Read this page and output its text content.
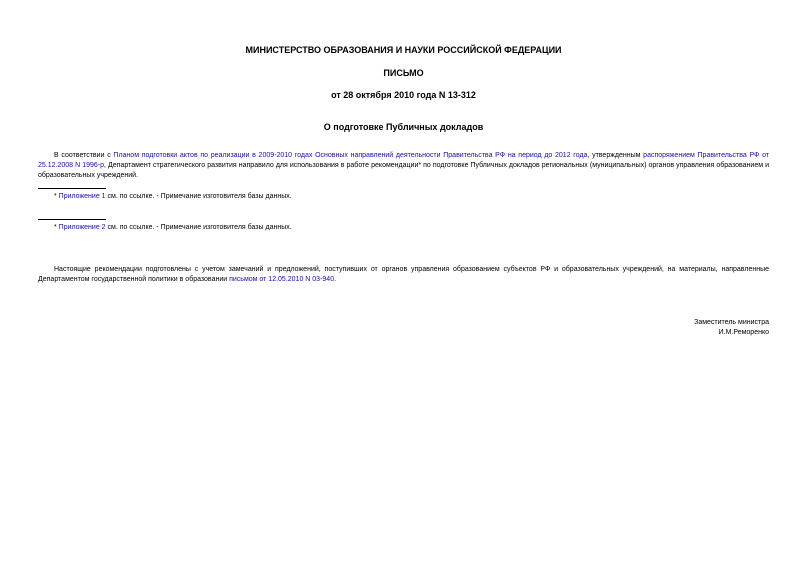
МИНИСТЕРСТВО ОБРАЗОВАНИЯ И НАУКИ РОССИЙСКОЙ ФЕДЕРАЦИИ
ПИСЬМО
от 28 октября 2010 года N 13-312
О подготовке Публичных докладов
В соответствии с Планом подготовки актов по реализации в 2009-2010 годах Основных направлений деятельности Правительства РФ на период до 2012 года, утвержденным распоряжением Правительства РФ от 25.12.2008 N 1996-р, Департамент стратегического развития направило для использования в работе рекомендации* по подготовке Публичных докладов региональных (муниципальных) органов управления образованием и образовательных учреждений.
* Приложение 1 см. по ссылке. - Примечание изготовителя базы данных.
* Приложение 2 см. по ссылке. - Примечание изготовителя базы данных.
Настоящие рекомендации подготовлены с учетом замечаний и предложений, поступивших от органов управления образованием субъектов РФ и образовательных учреждений, на материалы, направленные Департаментом государственной политики в образовании письмом от 12.05.2010 N 03-940.
Заместитель министра
И.М.Реморенко
